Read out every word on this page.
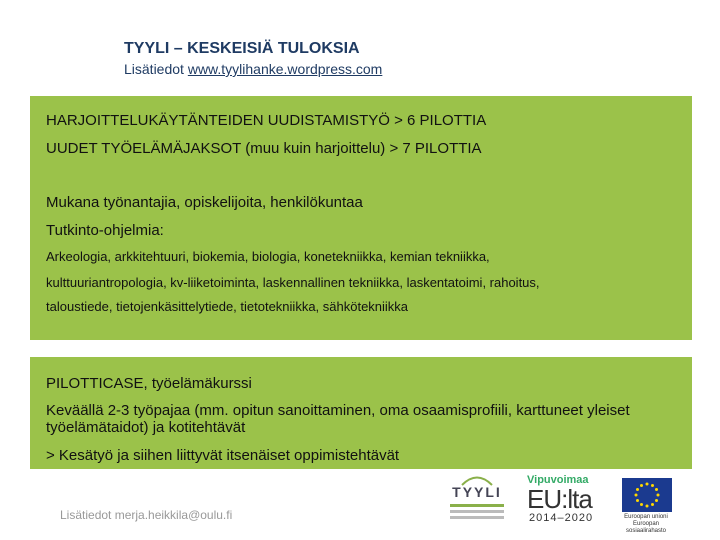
TYYLI – KESKEISIÄ TULOKSIA
Lisätiedot www.tyylihanke.wordpress.com
HARJOITTELUKÄYTÄNTEIDEN UUDISTAMISTYÖ > 6 PILOTTIA
UUDET TYÖELÄMÄJAKSOT (muu kuin harjoittelu) > 7 PILOTTIA
Mukana työnantajia, opiskelijoita, henkilökuntaa
Tutkinto-ohjelmia:
Arkeologia, arkkitehtuuri, biokemia, biologia, konetekniikka, kemian tekniikka,
kulttuuriantropologia, kv-liiketoiminta, laskennallinen tekniikka, laskentatoimi, rahoitus,
taloustiede, tietojenkäsittelytiede, tietotekniikka, sähkötekniikka
PILOTTICASE, työelämäkurssi
Keväällä 2-3 työpajaa (mm. opitun sanoittaminen, oma osaamisprofiili, karttuneet yleiset työelämätaidot) ja kotitehtävät
> Kesätyö ja siihen liittyvät itsenäiset oppimistehtävät
Lisätiedot merja.heikkila@oulu.fi
TYYLI
Vipuvoimaa
EU:lta
2014–2020	Euroopan unioni Euroopan sosiaalirahasto
